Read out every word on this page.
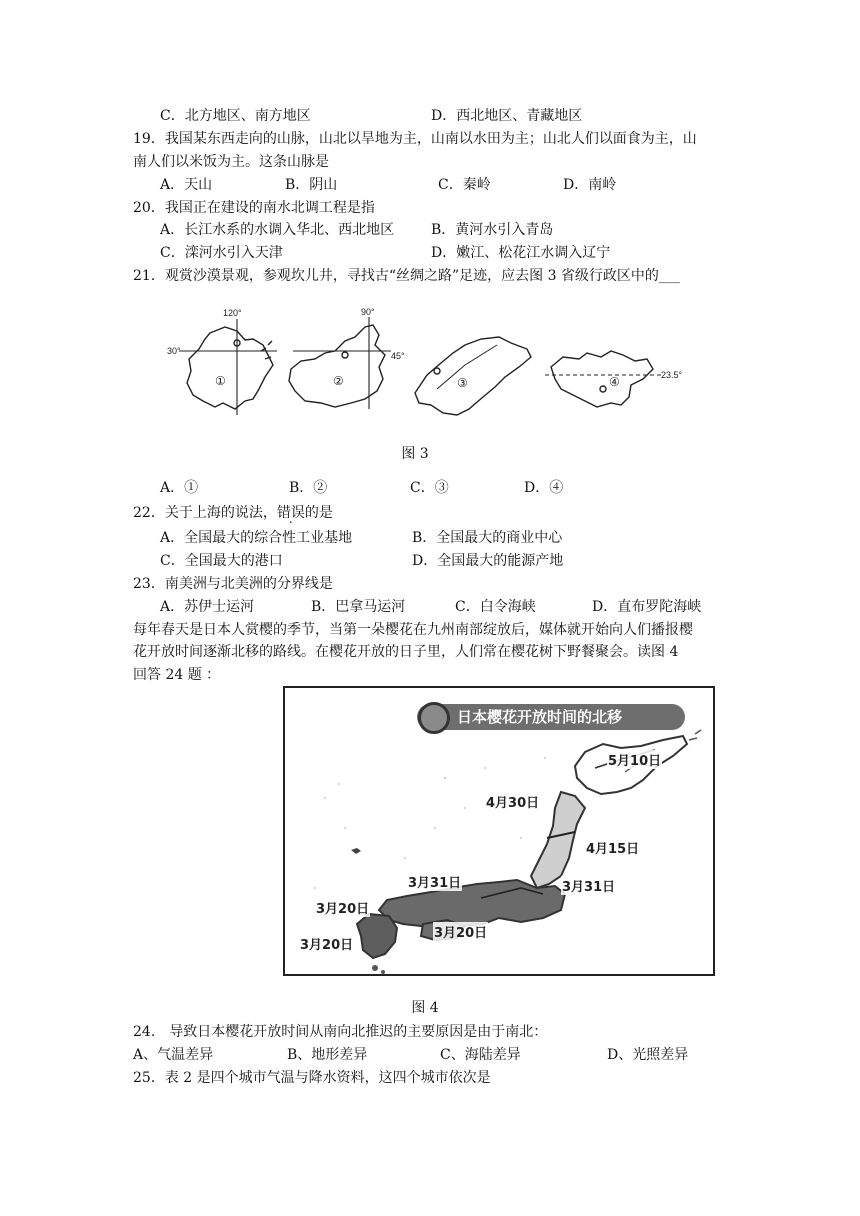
C．北方地区、南方地区	D．西北地区、青藏地区
19．我国某东西走向的山脉，山北以旱地为主，山南以水田为主；山北人们以面食为主，山
南人们以米饭为主。这条山脉是
A．天山	B．阴山	C．秦岭	D．南岭
20．我国正在建设的南水北调工程是指
A．长江水系的水调入华北、西北地区	B．黄河水引入青岛
C．滦河水引入天津	D．嫩江、松花江水调入辽宁
21．观赏沙漠景观，参观坎儿井，寻找古“丝绸之路”足迹，应去图 3 省级行政区中的___
120°
30°
90°
45°
23.5°
①	②	③	④
图 3
A．①	B．②	C．③	D．④
22．关于上海的说法，错误的是
A．全国最大的综合性工业基地	B．全国最大的商业中心
C．全国最大的港口	D．全国最大的能源产地
23．南美洲与北美洲的分界线是
A．苏伊士运河	B．巴拿马运河	C．白令海峡	D．直布罗陀海峡
每年春天是日本人赏樱的季节，当第一朵樱花在九州南部绽放后，媒体就开始向人们播报樱
花开放时间逐渐北移的路线。在樱花开放的日子里，人们常在樱花树下野餐聚会。读图 4
回答 24 题 ：
日本樱花开放时间的北移
5月10日
4月30日
4月15日
3月31日	3月31日
3月20日
3月20日
3月20日
图 4
24.　导致日本樱花开放时间从南向北推迟的主要原因是由于南北：
A、气温差异	B、地形差异	C、海陆差异	D、光照差异
25．表 2 是四个城市气温与降水资料，这四个城市依次是
